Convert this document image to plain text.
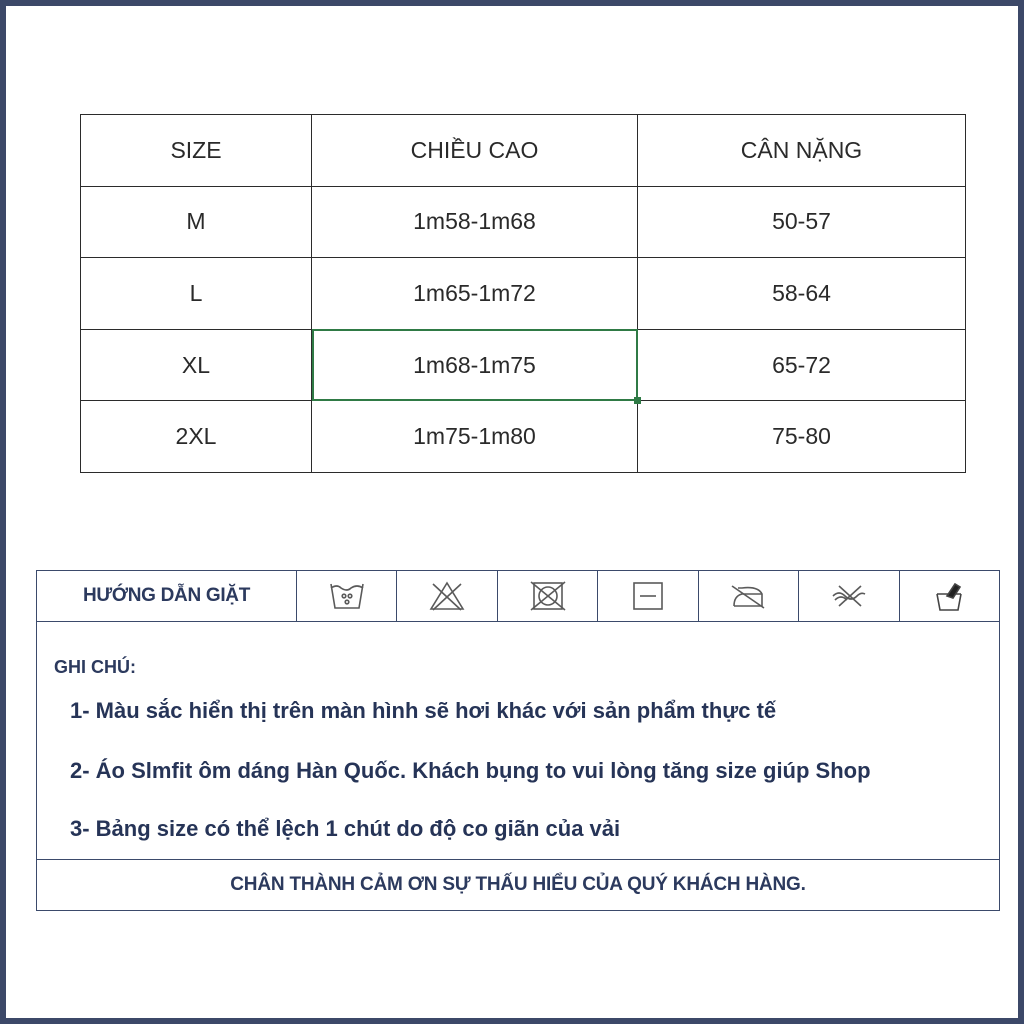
SIZE	CHIỀU CAO	CÂN NẶNG
M	1m58-1m68	50-57
L	1m65-1m72	58-64
XL	1m68-1m75	65-72
2XL	1m75-1m80	75-80
HƯỚNG DẪN GIẶT
GHI CHÚ:
1- Màu sắc hiển thị trên màn hình sẽ hơi khác với sản phẩm thực tế
2- Áo Slmfit ôm dáng Hàn Quốc. Khách bụng to vui lòng tăng size giúp Shop
3- Bảng size có thể lệch 1 chút do độ co giãn của vải
CHÂN THÀNH CẢM ƠN SỰ THẤU HIỂU CỦA QUÝ KHÁCH HÀNG.
